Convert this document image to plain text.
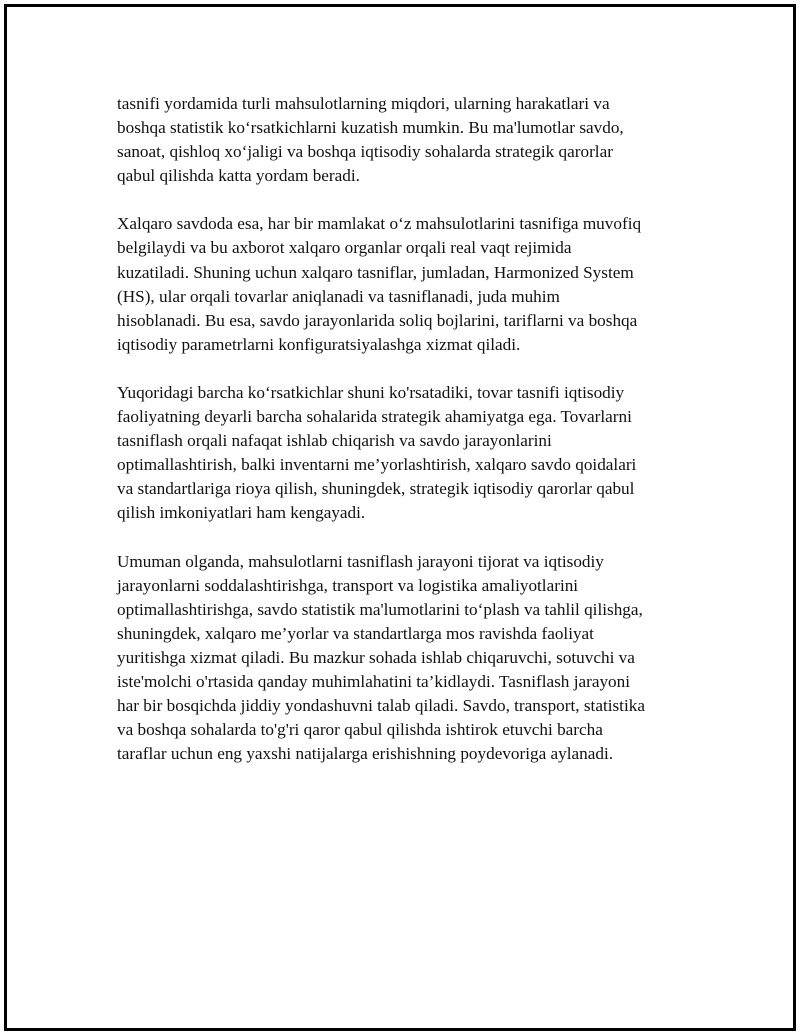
tasnifi yordamida turli mahsulotlarning miqdori, ularning harakatlari va
boshqa statistik ko‘rsatkichlarni kuzatish mumkin. Bu ma'lumotlar savdo,
sanoat, qishloq xo‘jaligi va boshqa iqtisodiy sohalarda strategik qarorlar
qabul qilishda katta yordam beradi.

Xalqaro savdoda esa, har bir mamlakat o‘z mahsulotlarini tasnifiga muvofiq
belgilaydi va bu axborot xalqaro organlar orqali real vaqt rejimida
kuzatiladi. Shuning uchun xalqaro tasniflar, jumladan, Harmonized System
(HS), ular orqali tovarlar aniqlanadi va tasniflanadi, juda muhim
hisoblanadi. Bu esa, savdo jarayonlarida soliq bojlarini, tariflarni va boshqa
iqtisodiy parametrlarni konfiguratsiyalashga xizmat qiladi.

Yuqoridagi barcha ko‘rsatkichlar shuni ko'rsatadiki, tovar tasnifi iqtisodiy
faoliyatning deyarli barcha sohalarida strategik ahamiyatga ega. Tovarlarni
tasniflash orqali nafaqat ishlab chiqarish va savdo jarayonlarini
optimallashtirish, balki inventarni me’yorlashtirish, xalqaro savdo qoidalari
va standartlariga rioya qilish, shuningdek, strategik iqtisodiy qarorlar qabul
qilish imkoniyatlari ham kengayadi.

Umuman olganda, mahsulotlarni tasniflash jarayoni tijorat va iqtisodiy
jarayonlarni soddalashtirishga, transport va logistika amaliyotlarini
optimallashtirishga, savdo statistik ma'lumotlarini to‘plash va tahlil qilishga,
shuningdek, xalqaro me’yorlar va standartlarga mos ravishda faoliyat
yuritishga xizmat qiladi. Bu mazkur sohada ishlab chiqaruvchi, sotuvchi va
iste'molchi o'rtasida qanday muhimlahatini ta’kidlaydi. Tasniflash jarayoni
har bir bosqichda jiddiy yondashuvni talab qiladi. Savdo, transport, statistika
va boshqa sohalarda to'g'ri qaror qabul qilishda ishtirok etuvchi barcha
taraflar uchun eng yaxshi natijalarga erishishning poydevoriga aylanadi.
